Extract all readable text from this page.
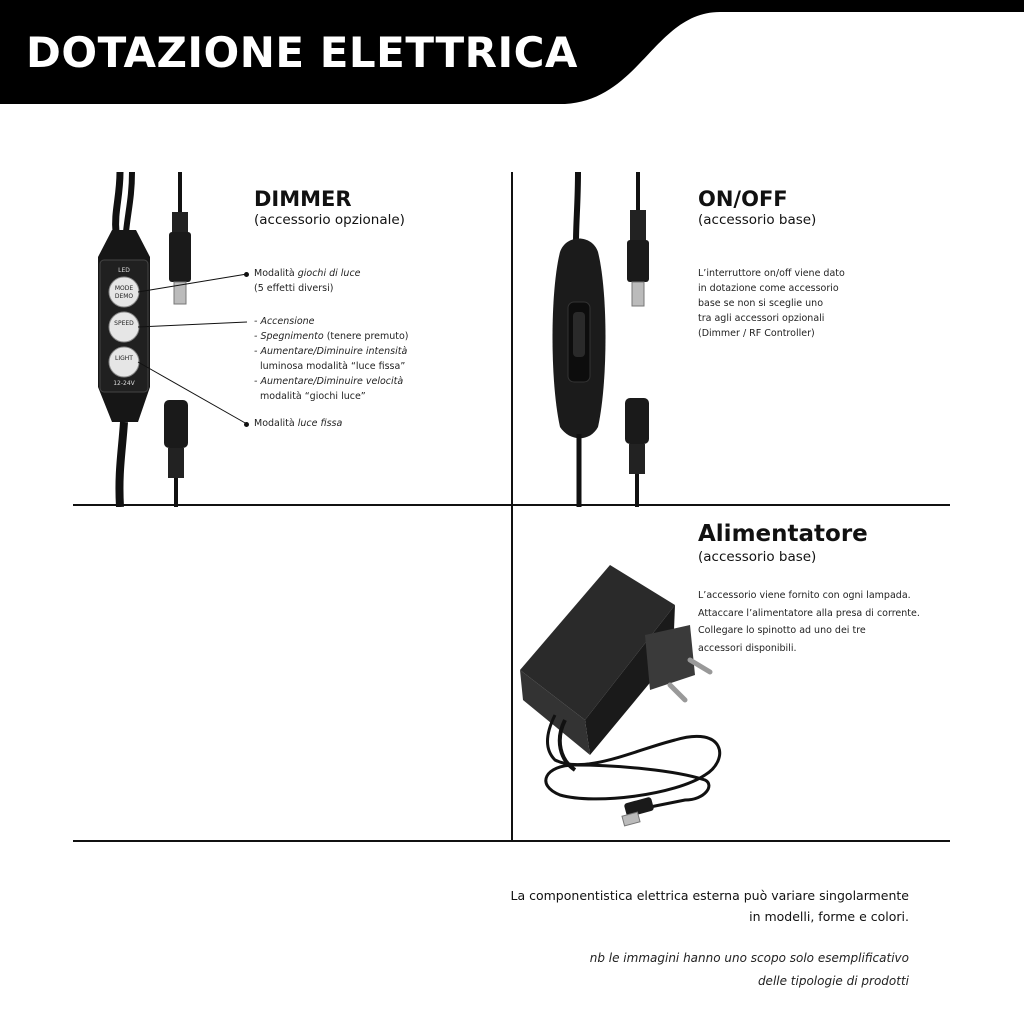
DOTAZIONE ELETTRICA
LED
MODE
DEMO
SPEED
LIGHT
12-24V
DIMMER
(accessorio opzionale)
Modalità giochi di luce
(5 effetti diversi)
- Accensione
- Spegnimento (tenere premuto)
- Aumentare/Diminuire intensità
luminosa modalità “luce fissa”
- Aumentare/Diminuire velocità
modalità “giochi luce”
Modalità luce fissa
ON/OFF
(accessorio base)
L’interruttore on/off viene dato
in dotazione come accessorio
base se non si sceglie uno
tra agli accessori opzionali
(Dimmer / RF Controller)
Alimentatore
(accessorio base)
L’accessorio viene fornito con ogni lampada.
Attaccare l’alimentatore alla presa di corrente.
Collegare lo spinotto ad uno dei tre
accessori disponibili.
La componentistica elettrica esterna può variare singolarmente
in modelli, forme e colori.
nb le immagini hanno uno scopo solo esemplificativo
delle tipologie di prodotti
